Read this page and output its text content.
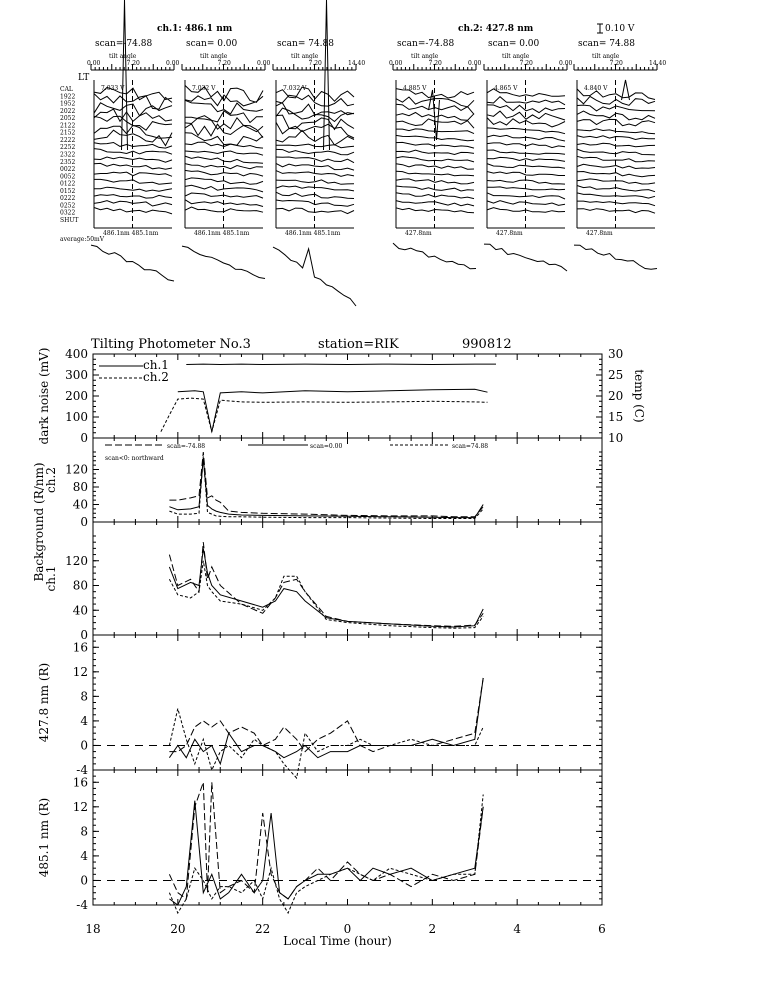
ch.1: 486.1 nm	ch.2: 427.8 nm	0.10 V
LT
CAL
1922
1952
2022
2052
2122
2152
2222
2252
2322
2352
0022
0052
0122
0152
0222
0252
0322
SHUT
scan=-74.88
tilt angle
0.00	7.20	0.00
7.033 V
486.1nm 485.1nm
scan= 0.00
tilt angle
7.20	0.00
7.032 V
486.1nm 485.1nm
scan= 74.88
tilt angle
7.20	14.40
7.032 V
486.1nm 485.1nm
scan=-74.88
tilt angle
0.00	7.20	0.00
4.885 V
427.8nm
scan= 0.00
tilt angle
7.20	0.00
4.865 V
427.8nm
scan= 74.88
tilt angle
7.20	14.40
4.840 V
427.8nm
average:50mV
Tilting Photometer No.3	station=RIK	990812
0
100
200
300
400
10
15
20
25
30
temp (C)
dark noise (mV)	ch.1
ch.2
0
40
80
120
ch.2
scan=-74.88	scan=0.00	scan=74.88
scan<0: northward
0
40
80
120
ch.1
Background (R/nm)
-4
0
4
8
12
16
427.8 nm (R)
-4
0
4
8
12
16
485.1 nm (R)
18	20	22	0	2	4	6
Local Time (hour)
